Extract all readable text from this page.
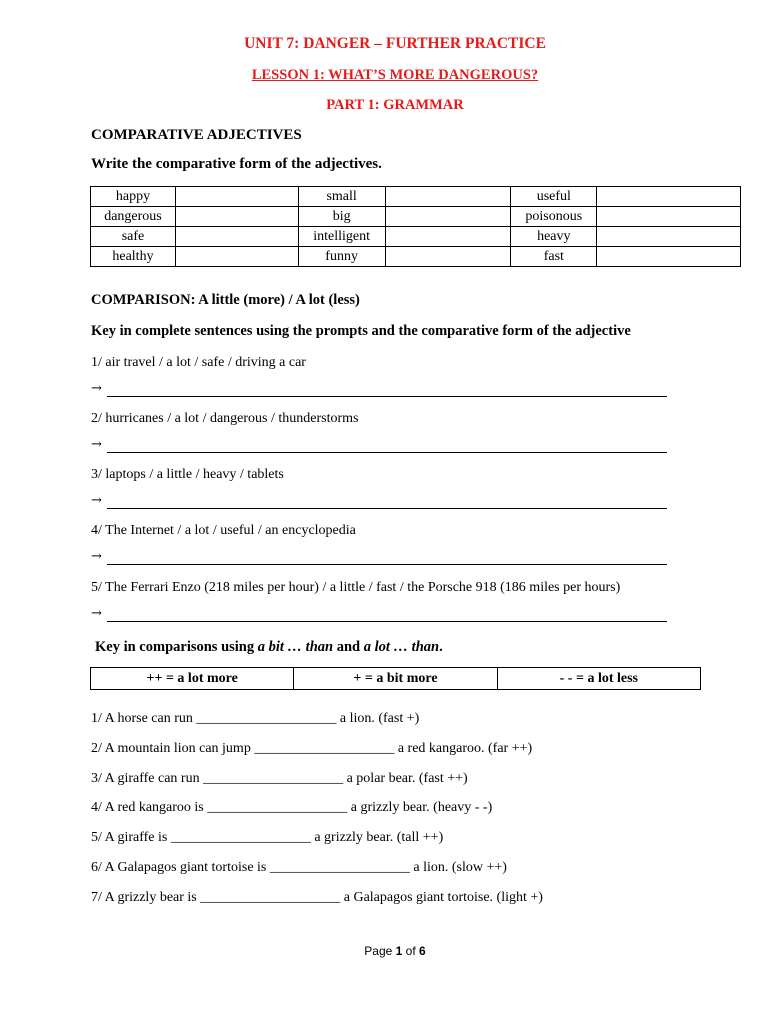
UNIT 7: DANGER – FURTHER PRACTICE
LESSON 1: WHAT’S MORE DANGEROUS?
PART 1: GRAMMAR
COMPARATIVE ADJECTIVES
Write the comparative form of the adjectives.
happy		small		useful	
dangerous		big		poisonous	
safe		intelligent		heavy	
healthy		funny		fast	
COMPARISON: A little (more) / A lot (less)
Key in complete sentences using the prompts and the comparative form of the adjective
1/ air travel / a lot / safe / driving a car
→
2/ hurricanes / a lot / dangerous / thunderstorms
→
3/ laptops / a little / heavy / tablets
→
4/ The Internet / a lot / useful / an encyclopedia
→
5/ The Ferrari Enzo (218 miles per hour) / a little / fast / the Porsche 918 (186 miles per hours)
→
Key in comparisons using a bit … than and a lot … than.
++ = a lot more	+ = a bit more	- - = a lot less
1/ A horse can run ____________________ a lion. (fast +)
2/ A mountain lion can jump ____________________ a red kangaroo. (far ++)
3/ A giraffe can run ____________________ a polar bear. (fast ++)
4/ A red kangaroo is ____________________ a grizzly bear. (heavy - -)
5/ A giraffe is ____________________ a grizzly bear. (tall ++)
6/ A Galapagos giant tortoise is ____________________ a lion. (slow ++)
7/ A grizzly bear is ____________________ a Galapagos giant tortoise. (light +)
Page 1 of 6
